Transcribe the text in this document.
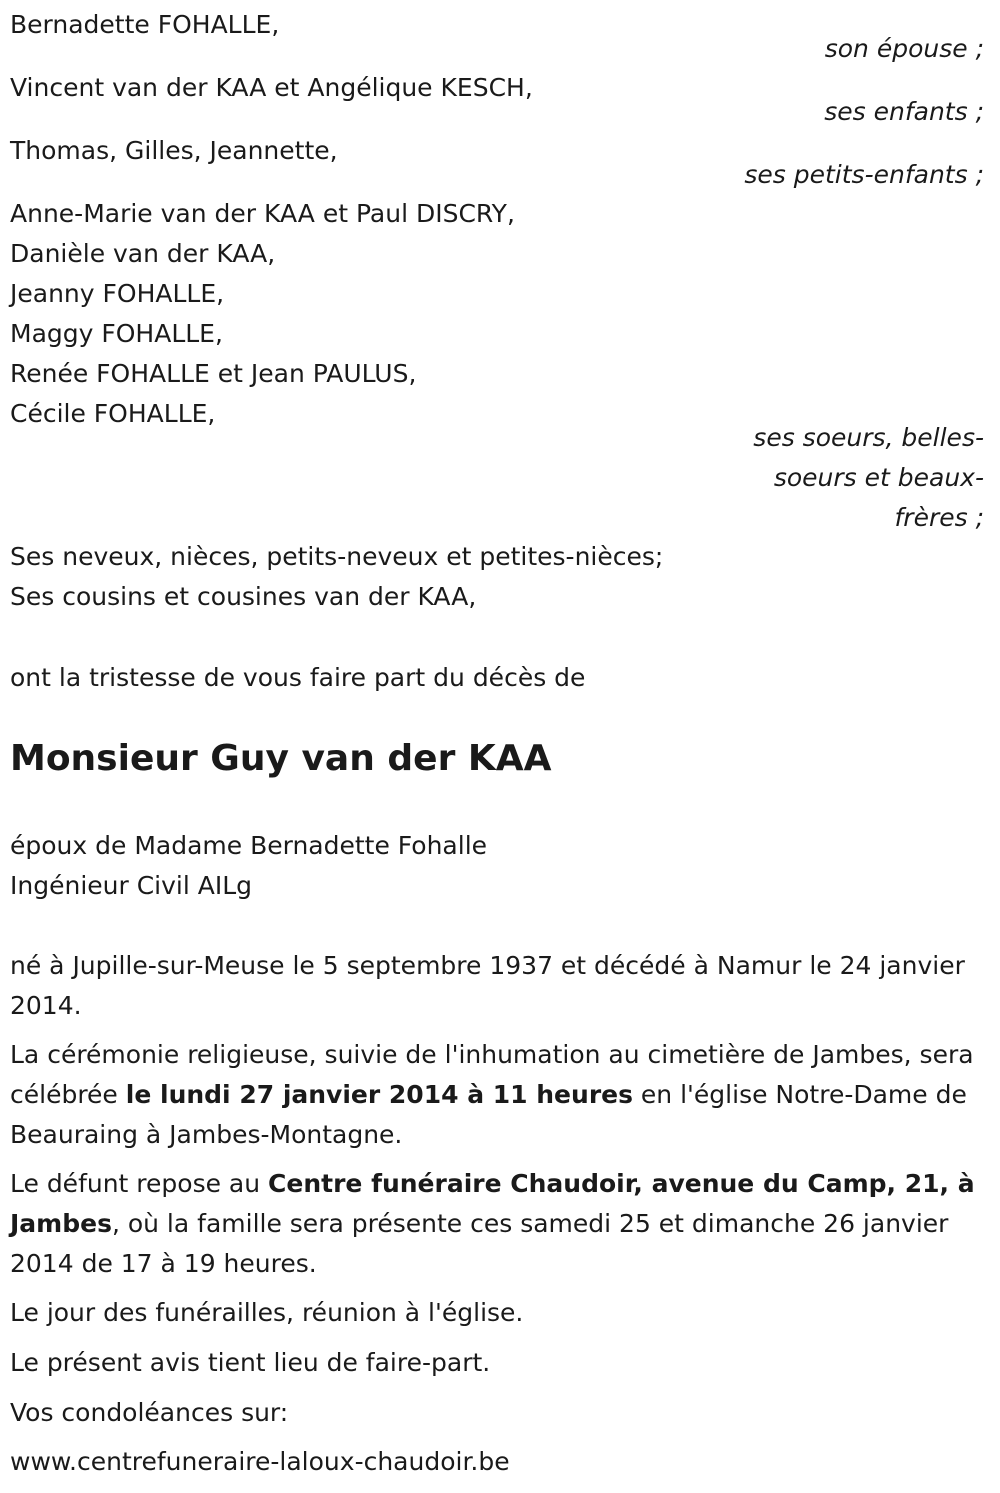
Bernadette FOHALLE,
son épouse ;
Vincent van der KAA et Angélique KESCH,
ses enfants ;
Thomas, Gilles, Jeannette,
ses petits-enfants ;
Anne-Marie van der KAA et Paul DISCRY,
Danièle van der KAA,
Jeanny FOHALLE,
Maggy FOHALLE,
Renée FOHALLE et Jean PAULUS,
Cécile FOHALLE,
ses soeurs, belles-soeurs et beaux-frères ;
Ses neveux, nièces, petits-neveux et petites-nièces;
Ses cousins et cousines van der KAA,
ont la tristesse de vous faire part du décès de
Monsieur Guy van der KAA
époux de Madame Bernadette Fohalle
Ingénieur Civil AILg
né à Jupille-sur-Meuse le 5 septembre 1937 et décédé à Namur le 24 janvier 2014.
La cérémonie religieuse, suivie de l'inhumation au cimetière de Jambes, sera célébrée le lundi 27 janvier 2014 à 11 heures en l'église Notre-Dame de Beauraing à Jambes-Montagne.
Le défunt repose au Centre funéraire Chaudoir, avenue du Camp, 21, à Jambes, où la famille sera présente ces samedi 25 et dimanche 26 janvier 2014 de 17 à 19 heures.
Le jour des funérailles, réunion à l'église.
Le présent avis tient lieu de faire-part.
Vos condoléances sur:
www.centrefuneraire-laloux-chaudoir.be
